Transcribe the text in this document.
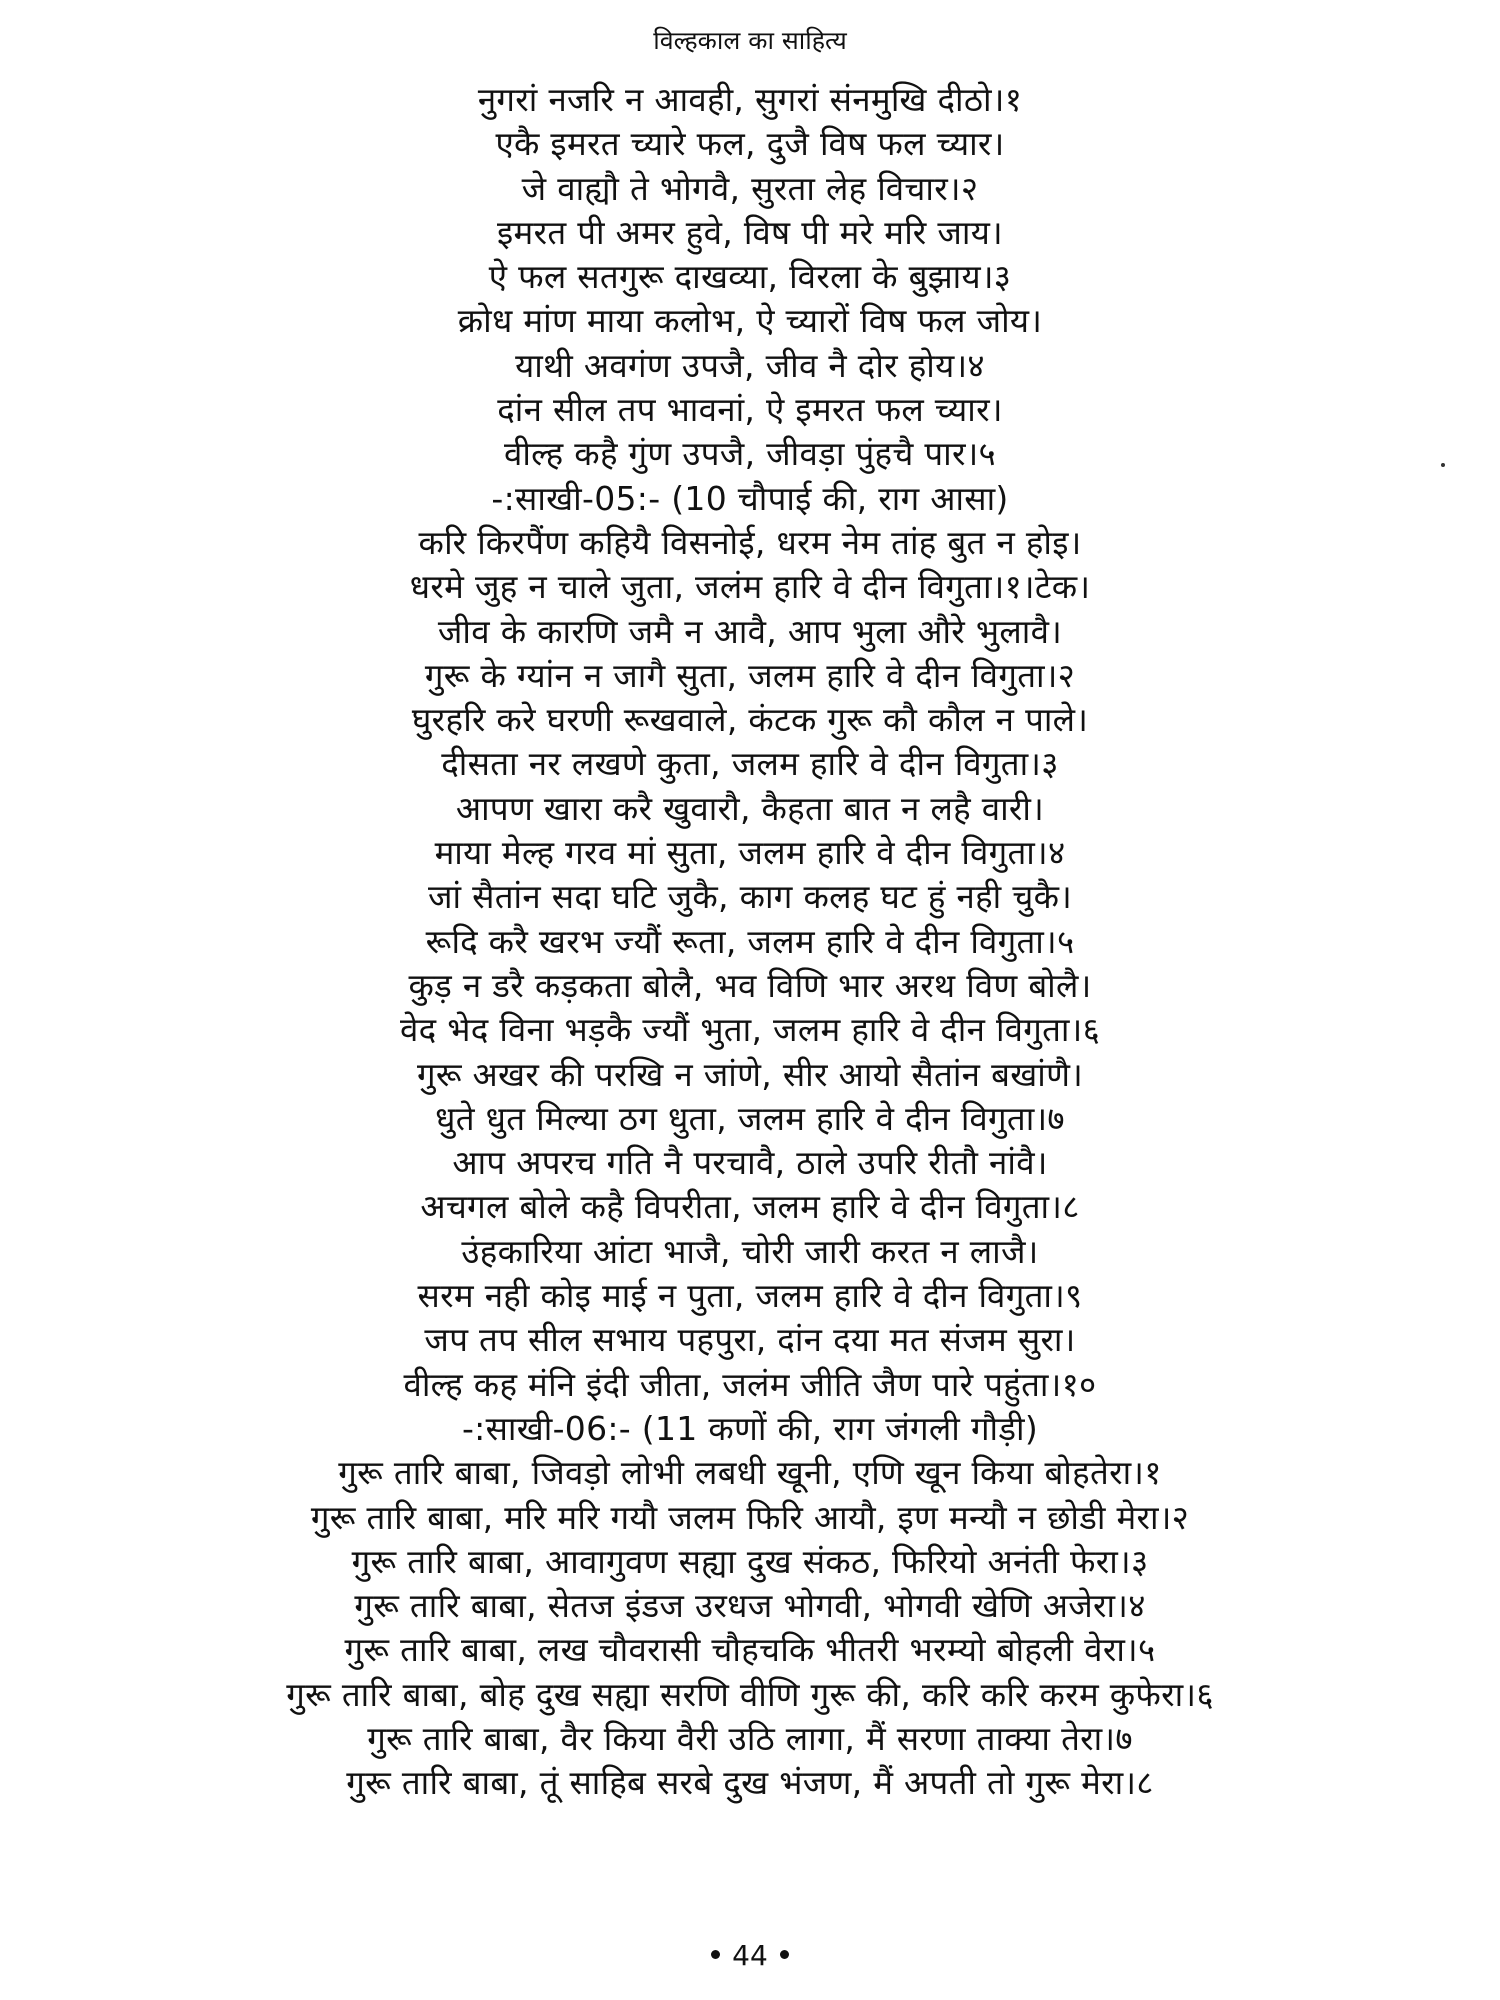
विल्हकाल का साहित्य
नुगरां नजरि न आवही, सुगरां संनमुखि दीठो।१
एकै इमरत च्यारे फल, दुजै विष फल च्यार।
जे वाह्यौ ते भोगवै, सुरता लेह विचार।२
इमरत पी अमर हुवे, विष पी मरे मरि जाय।
ऐ फल सतगुरू दाखव्या, विरला के बुझाय।३
क्रोध मांण माया कलोभ, ऐ च्यारों विष फल जोय।
याथी अवगंण उपजै, जीव नै दोर होय।४
दांन सील तप भावनां, ऐ इमरत फल च्यार।
वील्ह कहै गुंण उपजै, जीवड़ा पुंहचै पार।५
-:साखी-05:- (10 चौपाई की, राग आसा)
करि किरपैंण कहियै विसनोई, धरम नेम तांह बुत न होइ।
धरमे जुह न चाले जुता, जलंम हारि वे दीन विगुता।१।टेक।
जीव के कारणि जमै न आवै, आप भुला औरे भुलावै।
गुरू के ग्यांन न जागै सुता, जलम हारि वे दीन विगुता।२
घुरहरि करे घरणी रूखवाले, कंटक गुरू कौ कौल न पाले।
दीसता नर लखणे कुता, जलम हारि वे दीन विगुता।३
आपण खारा करै खुवारौ, कैहता बात न लहै वारी।
माया मेल्ह गरव मां सुता, जलम हारि वे दीन विगुता।४
जां सैतांन सदा घटि जुकै, काग कलह घट हुं नही चुकै।
रूदि करै खरभ ज्यौं रूता, जलम हारि वे दीन विगुता।५
कुड़ न डरै कड़कता बोलै, भव विणि भार अरथ विण बोलै।
वेद भेद विना भड़कै ज्यौं भुता, जलम हारि वे दीन विगुता।६
गुरू अखर की परखि न जांणे, सीर आयो सैतांन बखांणै।
धुते धुत मिल्या ठग धुता, जलम हारि वे दीन विगुता।७
आप अपरच गति नै परचावै, ठाले उपरि रीतौ नांवै।
अचगल बोले कहै विपरीता, जलम हारि वे दीन विगुता।८
उंहकारिया आंटा भाजै, चोरी जारी करत न लाजै।
सरम नही कोइ माई न पुता, जलम हारि वे दीन विगुता।९
जप तप सील सभाय पहपुरा, दांन दया मत संजम सुरा।
वील्ह कह मंनि इंदी जीता, जलंम जीति जैण पारे पहुंता।१०
-:साखी-06:- (11 कणों की, राग जंगली गौड़ी)
गुरू तारि बाबा, जिवड़ो लोभी लबधी खूनी, एणि खून किया बोहतेरा।१
गुरू तारि बाबा, मरि मरि गयौ जलम फिरि आयौ, इण मन्यौ न छोडी मेरा।२
गुरू तारि बाबा, आवागुवण सह्या दुख संकठ, फिरियो अनंती फेरा।३
गुरू तारि बाबा, सेतज इंडज उरधज भोगवी, भोगवी खेणि अजेरा।४
गुरू तारि बाबा, लख चौवरासी चौहचकि भीतरी भरम्यो बोहली वेरा।५
गुरू तारि बाबा, बोह दुख सह्या सरणि वीणि गुरू की, करि करि करम कुफेरा।६
गुरू तारि बाबा, वैर किया वैरी उठि लागा, मैं सरणा ताक्या तेरा।७
गुरू तारि बाबा, तूं साहिब सरबे दुख भंजण, मैं अपती तो गुरू मेरा।८
44
